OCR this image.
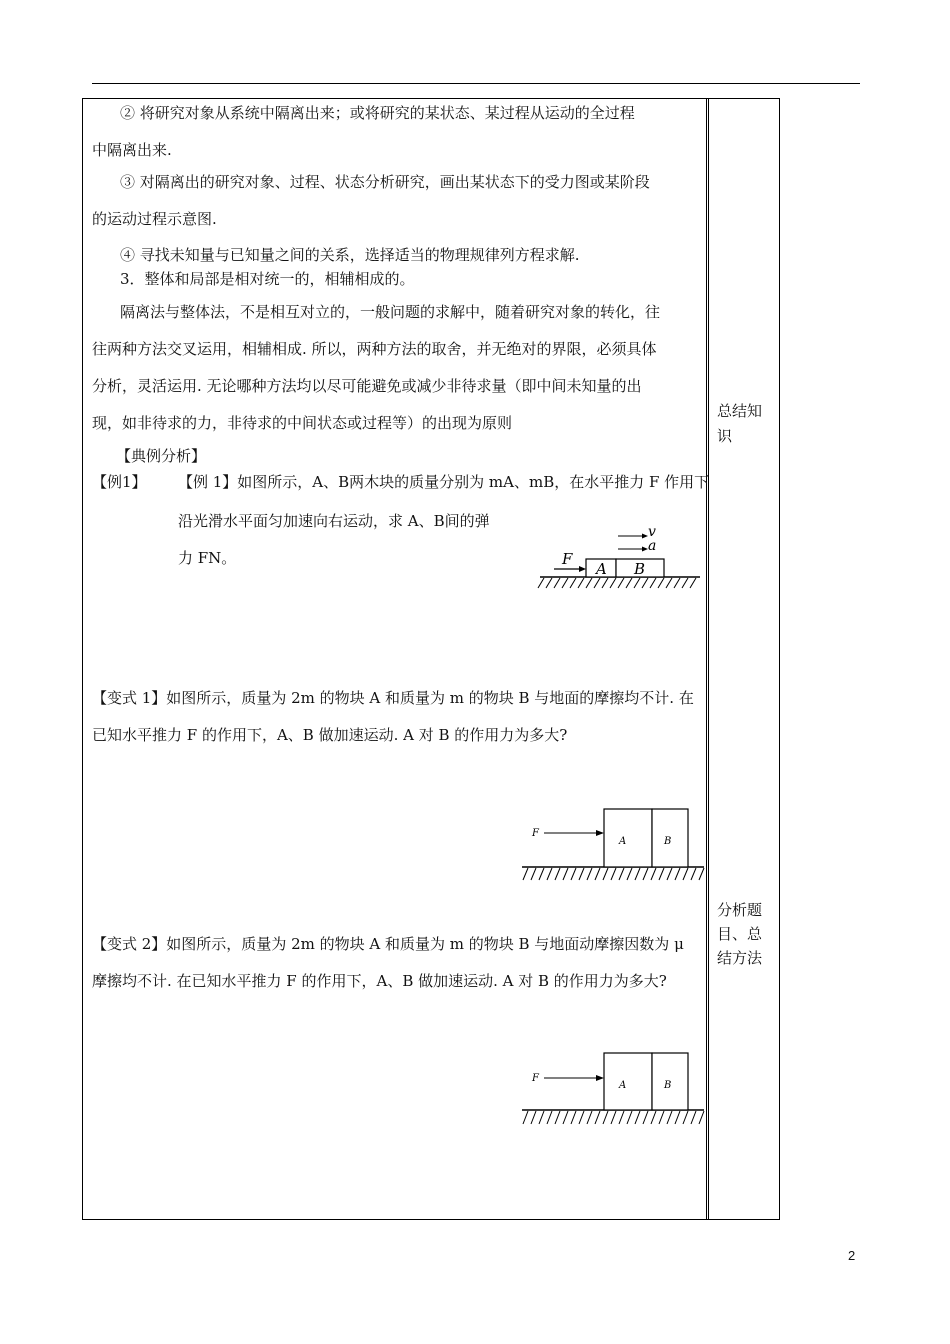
② 将研究对象从系统中隔离出来；或将研究的某状态、某过程从运动的全过程
中隔离出来.
③ 对隔离出的研究对象、过程、状态分析研究，画出某状态下的受力图或某阶段
的运动过程示意图.
④ 寻找未知量与已知量之间的关系，选择适当的物理规律列方程求解.
3．整体和局部是相对统一的，相辅相成的。
隔离法与整体法，不是相互对立的，一般问题的求解中，随着研究对象的转化，往
往两种方法交叉运用，相辅相成. 所以，两种方法的取舍，并无绝对的界限，必须具体
分析，灵活运用. 无论哪种方法均以尽可能避免或减少非待求量（即中间未知量的出
现，如非待求的力，非待求的中间状态或过程等）的出现为原则
【典例分析】
【例1】 【例 1】如图所示，A、B两木块的质量分别为 mA、mB，在水平推力 F 作用下
沿光滑水平面匀加速向右运动，求 A、B间的弹
力 FN。	F
A B
v
a
【变式 1】如图所示，质量为 2m 的物块 A 和质量为 m 的物块 B 与地面的摩擦均不计. 在
已知水平推力 F 的作用下，A、B 做加速运动. A 对 B 的作用力为多大?
F
A	B
【变式 2】如图所示，质量为 2m 的物块 A 和质量为 m 的物块 B 与地面动摩擦因数为 μ
摩擦均不计. 在已知水平推力 F 的作用下，A、B 做加速运动. A 对 B 的作用力为多大?
F
A	B
总结知
识
分析题
目、总
结方法
2
